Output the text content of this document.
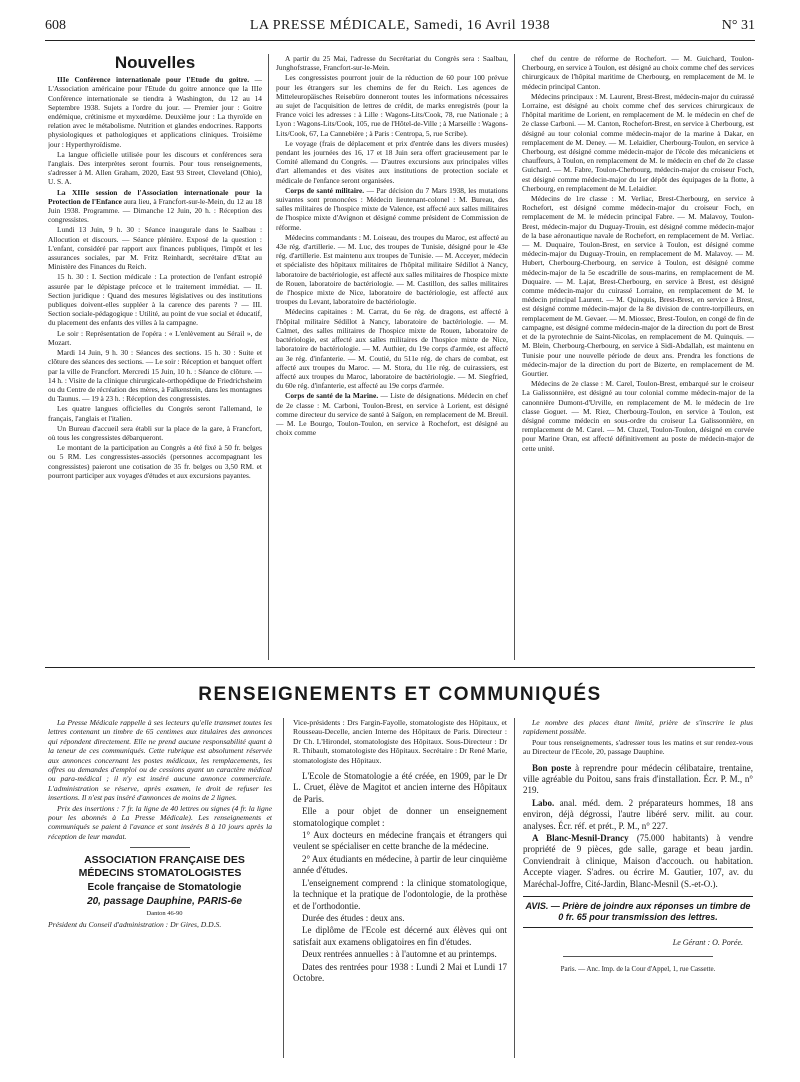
608	LA PRESSE MÉDICALE, Samedi, 16 Avril 1938	N° 31

Nouvelles

IIIe Conférence internationale pour l'Etude du goitre. — L'Association américaine pour l'Etude du goitre annonce que la IIIe Conférence internationale se tiendra à Washington, du 12 au 14 Septembre 1938. Sujets a l'ordre du jour. — Premier jour : Goitre endémique, crétinisme et myxœdème. Deuxième jour : La thyroïde en relation avec le métabolisme. Nutrition et glandes endocrines. Rapports physiologiques et pathologiques et applications cliniques. Troisième jour : Hyperthyroïdisme.

La langue officielle utilisée pour les discours et conférences sera l'anglais. Des interprètes seront fournis. Pour tous renseignements, s'adresser à M. Allen Graham, 2020, East 93 Street, Cleveland (Ohio), U. S. A.

La XIIIe session de l'Association internationale pour la Protection de l'Enfance aura lieu, à Francfort-sur-le-Mein, du 12 au 18 Juin 1938. Programme. — Dimanche 12 Juin, 20 h. : Réception des congressistes.

Lundi 13 Juin, 9 h. 30 : Séance inaugurale dans le Saalbau : Allocution et discours. — Séance plénière. Exposé de la question : L'enfant, considéré par rapport aux finances publiques, l'impôt et les assurances sociales, par M. Fritz Reinhardt, secrétaire d'Etat au Ministère des Finances du Reich.

15 h. 30 : I. Section médicale : La protection de l'enfant estropié assurée par le dépistage précoce et le traitement immédiat. — II. Section juridique : Quand des mesures législatives ou des institutions publiques doivent-elles suppléer à la carence des parents ? — III. Section sociale-pédagogique : Utilité, au point de vue social et éducatif, du placement des enfants des villes à la campagne.

Le soir : Représentation de l'opéra : « L'enlèvement au Sérail », de Mozart.

Mardi 14 Juin, 9 h. 30 : Séances des sections. 15 h. 30 : Suite et clôture des séances des sections. — Le soir : Réception et banquet offert par la ville de Francfort. Mercredi 15 Juin, 10 h. : Séance de clôture. — 14 h. : Visite de la clinique chirurgicale-orthopédique de Friedrichsheim ou du Centre de récréation des mères, à Falkenstein, dans les montagnes du Taunus. — 19 à 23 h. : Réception des congressistes.

Les quatre langues officielles du Congrès seront l'allemand, le français, l'anglais et l'italien.

Un Bureau d'accueil sera établi sur la place de la gare, à Francfort, où tous les congressistes débarqueront.

Le montant de la participation au Congrès a été fixé à 50 fr. belges ou 5 RM. Les congressistes-associés (personnes accompagnant les congressistes) paieront une cotisation de 35 fr. belges ou 3,50 RM. et pourront participer aux voyages d'études et aux excursions payantes.

A partir du 25 Mai, l'adresse du Secrétariat du Congrès sera : Saalbau, Junghofstrasse, Francfort-sur-le-Mein.

Les congressistes pourront jouir de la réduction de 60 pour 100 prévue pour les étrangers sur les chemins de fer du Reich. Les agences de Mitteleuropäisches Reisebüro donneront toutes les informations nécessaires au sujet de l'acquisition de lettres de crédit, de marks enregistrés (pour la France voici les adresses : à Lille : Wagons-Lits/Cook, 78, rue Nationale ; à Lyon : Wagons-Lits/Cook, 105, rue de l'Hôtel-de-Ville ; à Marseille : Wagons-Lits/Cook, 67, La Cannebière ; à Paris : Centropa, 5, rue Scribe).

Le voyage (frais de déplacement et prix d'entrée dans les divers musées) pendant les journées des 16, 17 et 18 Juin sera offert gracieusement par le Comité allemand du Congrès. — D'autres excursions aux principales villes d'art allemandes et des visites aux institutions de protection sociale et médicale de l'enfance seront organisées.

Corps de santé militaire. — Par décision du 7 Mars 1938, les mutations suivantes sont prononcées : Médecin lieutenant-colonel : M. Bureau, des salles militaires de l'hospice mixte de Valence, est affecté aux salles militaires de l'hospice mixte d'Avignon et désigné comme président de Commission de réforme.

Médecins commandants : M. Loiseau, des troupes du Maroc, est affecté au 43e rég. d'artillerie. — M. Luc, des troupes de Tunisie, désigné pour le 43e rég. d'artillerie. Est maintenu aux troupes de Tunisie. — M. Acceyer, médecin et spécialiste des hôpitaux militaires de l'hôpital militaire Sédillot à Nancy, laboratoire de bactériologie, est affecté aux salles militaires de l'hospice mixte de Rouen, laboratoire de bactériologie. — M. Castillon, des salles militaires de l'hospice mixte de Nice, laboratoire de bactériologie, est affecté aux troupes du Levant, laboratoire de bactériologie.

Médecins capitaines : M. Carrat, du 6e rég. de dragons, est affecté à l'hôpital militaire Sédillot à Nancy, laboratoire de bactériologie. — M. Calmet, des salles militaires de l'hospice mixte de Rouen, laboratoire de bactériologie, est affecté aux salles militaires de l'hospice mixte de Nice, laboratoire de bactériologie. — M. Authier, du 19e corps d'armée, est affecté au 3e rég. d'infanterie. — M. Coutié, du 511e rég. de chars de combat, est affecté aux troupes du Maroc. — M. Stora, du 11e rég. de cuirassiers, est affecté aux troupes du Maroc, laboratoire de bactériologie. — M. Siegfried, du 60e rég. d'infanterie, est affecté au 19e corps d'armée.

Corps de santé de la Marine. — Liste de désignations. Médecin en chef de 2e classe : M. Carboni, Toulon-Brest, en service à Lorient, est désigné comme directeur du service de santé à Saïgon, en remplacement de M. Breuil. — M. Le Bourgo, Toulon-Toulon, en service à Rochefort, est désigné au choix comme

chef du centre de réforme de Rochefort. — M. Guichard, Toulon-Cherbourg, en service à Toulon, est désigné au choix comme chef des services chirurgicaux de l'hôpital maritime de Cherbourg, en remplacement de M. le médecin principal Canton.

Médecins principaux : M. Laurent, Brest-Brest, médecin-major du cuirassé Lorraine, est désigné au choix comme chef des services chirurgicaux de l'hôpital maritime de Lorient, en remplacement de M. le médecin en chef de 2e classe Carboni. — M. Canton, Rochefort-Brest, en service à Cherbourg, est désigné au tour colonial comme médecin-major de la marine à Dakar, en remplacement de M. Deney. — M. Lelaidier, Cherbourg-Toulon, en service à Cherbourg, est désigné comme médecin-major de l'école des mécaniciens et chauffeurs, à Toulon, en remplacement de M. le médecin en chef de 2e classe Guichard. — M. Fabre, Toulon-Cherbourg, médecin-major du croiseur Foch, est désigné comme médecin-major du 1er dépôt des équipages de la flotte, à Cherbourg, en remplacement de M. Lelaidier.

Médecins de 1re classe : M. Verliac, Brest-Cherbourg, en service à Rochefort, est désigné comme médecin-major du croiseur Foch, en remplacement de M. le médecin principal Fabre. — M. Malavoy, Toulon-Brest, médecin-major du Duguay-Trouin, est désigné comme médecin-major de la base aéronautique navale de Rochefort, en remplacement de M. Verliac. — M. Duquaire, Toulon-Brest, en service à Toulon, est désigné comme médecin-major du Duguay-Trouin, en remplacement de M. Malavoy. — M. Hubert, Cherbourg-Cherbourg, en service à Toulon, est désigné comme médecin-major de la 5e escadrille de sous-marins, en remplacement de M. Duquaire. — M. Lajat, Brest-Cherbourg, en service à Brest, est désigné comme médecin-major du cuirassé Lorraine, en remplacement de M. le médecin principal Laurent. — M. Quinquis, Brest-Brest, en service à Brest, est désigné comme médecin-major de la 8e division de contre-torpilleurs, en remplacement de M. Gevaer. — M. Miossec, Brest-Toulon, en congé de fin de campagne, est désigné comme médecin-major de la direction du port de Brest et de la pyrotechnie de Saint-Nicolas, en remplacement de M. Quinquis. — M. Blein, Cherbourg-Cherbourg, en service à Sidi-Abdallah, est maintenu en Tunisie pour une nouvelle période de deux ans. Prendra les fonctions de médecin-major de la direction du port de Bizerte, en remplacement de M. Gourtier.

Médecins de 2e classe : M. Carel, Toulon-Brest, embarqué sur le croiseur La Galissonnière, est désigné au tour colonial comme médecin-major de la canonnière Dumont-d'Urville, en remplacement de M. le médecin de 1re classe Goguet. — M. Riez, Cherbourg-Toulon, en service à Toulon, est désigné comme médecin en sous-ordre du croiseur La Galissonnière, en remplacement de M. Carel. — M. Cluzel, Toulon-Toulon, désigné en corvée pour Marine Oran, est affecté définitivement au poste de médecin-major de cette unité.

RENSEIGNEMENTS ET COMMUNIQUÉS

La Presse Médicale rappelle à ses lecteurs qu'elle transmet toutes les lettres contenant un timbre de 65 centimes aux titulaires des annonces qui répondent directement. Elle ne prend aucune responsabilité quant à la teneur de ces communiqués. Cette rubrique est absolument réservée aux annonces concernant les postes médicaux, les remplacements, les offres ou demandes d'emploi ou de cessions ayant un caractère médical ou para-médical ; il n'y est inséré aucune annonce commerciale. L'administration se réserve, après examen, le droit de refuser les insertions. Il n'est pas inséré d'annonces de moins de 2 lignes.

Prix des insertions : 7 fr. la ligne de 40 lettres ou signes (4 fr. la ligne pour les abonnés à La Presse Médicale). Les renseignements et communiqués se paient à l'avance et sont insérés 8 à 10 jours après la réception de leur mandat.

ASSOCIATION FRANÇAISE DES MÉDECINS STOMATOLOGISTES

Ecole française de Stomatologie

20, passage Dauphine, PARIS-6e

Danton 46-90

Président du Conseil d'administration : Dr Gires, D.D.S.

Vice-présidents : Drs Fargin-Fayolle, stomatologiste des Hôpitaux, et Rousseau-Decelle, ancien Interne des Hôpitaux de Paris. Directeur : Dr Ch. L'Hirondel, stomatologiste des Hôpitaux. Sous-Directeur : Dr R. Thibault, stomatologiste des Hôpitaux. Secrétaire : Dr René Marie, stomatologiste des Hôpitaux.

L'Ecole de Stomatologie a été créée, en 1909, par le Dr L. Cruet, élève de Magitot et ancien interne des Hôpitaux de Paris.

Elle a pour objet de donner un enseignement stomatologique complet :

1° Aux docteurs en médecine français et étrangers qui veulent se spécialiser en cette branche de la médecine.

2° Aux étudiants en médecine, à partir de leur cinquième année d'études.

L'enseignement comprend : la clinique stomatologique, la technique et la pratique de l'odontologie, de la prothèse et de l'orthodontie.

Durée des études : deux ans.

Le diplôme de l'Ecole est décerné aux élèves qui ont satisfait aux examens obligatoires en fin d'études.

Deux rentrées annuelles : à l'automne et au printemps.

Dates des rentrées pour 1938 : Lundi 2 Mai et Lundi 17 Octobre.

Le nombre des places étant limité, prière de s'inscrire le plus rapidement possible.

Pour tous renseignements, s'adresser tous les matins et sur rendez-vous au Directeur de l'Ecole, 20, passage Dauphine.

Bon poste à reprendre pour médecin célibataire, trentaine, ville agréable du Poitou, sans frais d'installation. Écr. P. M., n° 219.

Labo. anal. méd. dem. 2 préparateurs hommes, 18 ans environ, déjà dégrossi, l'autre libéré serv. milit. au cour. analyses. Écr. réf. et prét., P. M., n° 227.

A Blanc-Mesnil-Drancy (75.000 habitants) à vendre propriété de 9 pièces, gde salle, garage et beau jardin. Conviendrait à clinique, Maison d'accouch. ou habitation. Accepte viager. S'adres. ou écrire M. Gautier, 107, av. du Maréchal-Joffre, Cité-Jardin, Blanc-Mesnil (S.-et-O.).

AVIS. — Prière de joindre aux réponses un timbre de 0 fr. 65 pour transmission des lettres.
Le Gérant : O. Porée.
Paris. — Anc. Imp. de la Cour d'Appel, 1, rue Cassette.
